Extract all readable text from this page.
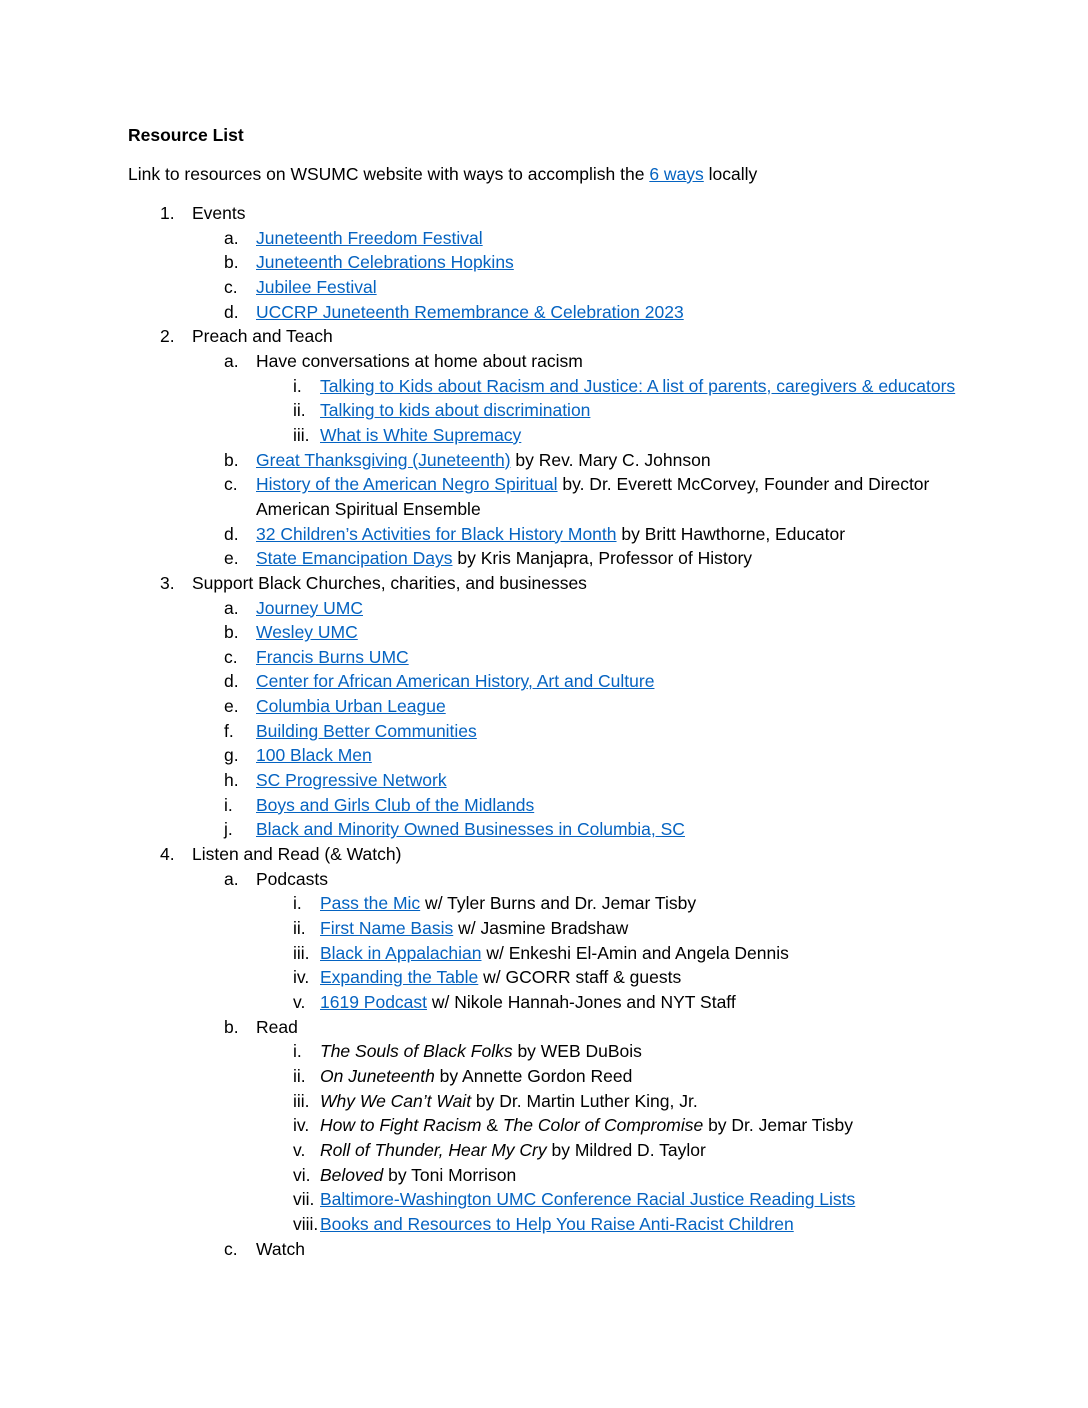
Resource List
Link to resources on WSUMC website with ways to accomplish the 6 ways locally
1. Events
a. Juneteenth Freedom Festival
b. Juneteenth Celebrations Hopkins
c. Jubilee Festival
d. UCCRP Juneteenth Remembrance & Celebration 2023
2. Preach and Teach
a. Have conversations at home about racism
i. Talking to Kids about Racism and Justice: A list of parents, caregivers & educators
ii. Talking to kids about discrimination
iii. What is White Supremacy
b. Great Thanksgiving (Juneteenth) by Rev. Mary C. Johnson
c. History of the American Negro Spiritual by. Dr. Everett McCorvey, Founder and Director
American Spiritual Ensemble
d. 32 Children’s Activities for Black History Month by Britt Hawthorne, Educator
e. State Emancipation Days by Kris Manjapra, Professor of History
3. Support Black Churches, charities, and businesses
a. Journey UMC
b. Wesley UMC
c. Francis Burns UMC
d. Center for African American History, Art and Culture
e. Columbia Urban League
f. Building Better Communities
g. 100 Black Men
h. SC Progressive Network
i. Boys and Girls Club of the Midlands
j. Black and Minority Owned Businesses in Columbia, SC
4. Listen and Read (& Watch)
a. Podcasts
i. Pass the Mic w/ Tyler Burns and Dr. Jemar Tisby
ii. First Name Basis w/ Jasmine Bradshaw
iii. Black in Appalachian w/ Enkeshi El-Amin and Angela Dennis
iv. Expanding the Table w/ GCORR staff & guests
v. 1619 Podcast w/ Nikole Hannah-Jones and NYT Staff
b. Read
i. The Souls of Black Folks by WEB DuBois
ii. On Juneteenth by Annette Gordon Reed
iii. Why We Can’t Wait by Dr. Martin Luther King, Jr.
iv. How to Fight Racism & The Color of Compromise by Dr. Jemar Tisby
v. Roll of Thunder, Hear My Cry by Mildred D. Taylor
vi. Beloved by Toni Morrison
vii. Baltimore-Washington UMC Conference Racial Justice Reading Lists
viii. Books and Resources to Help You Raise Anti-Racist Children
c. Watch
